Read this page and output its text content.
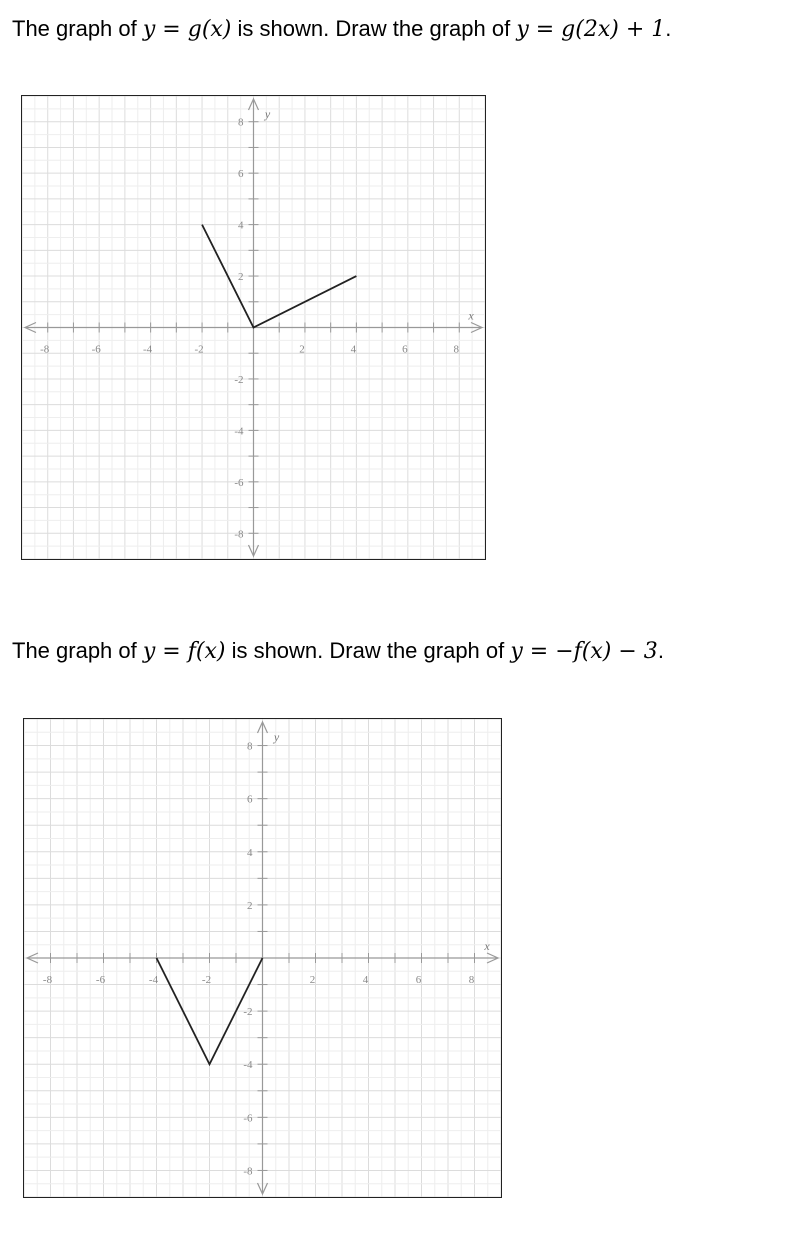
The graph of y = g(x) is shown. Draw the graph of y = g(2x) + 1.
-8	-6	-4	-2	2	4	6	8
8
6
4
2
-2
-4
-6
-8
x
y
The graph of y = f(x) is shown. Draw the graph of y = −f(x) − 3.
-8	-6	-4	-2	2	4	6	8
8
6
4
2
-2
-4
-6
-8
x
y
